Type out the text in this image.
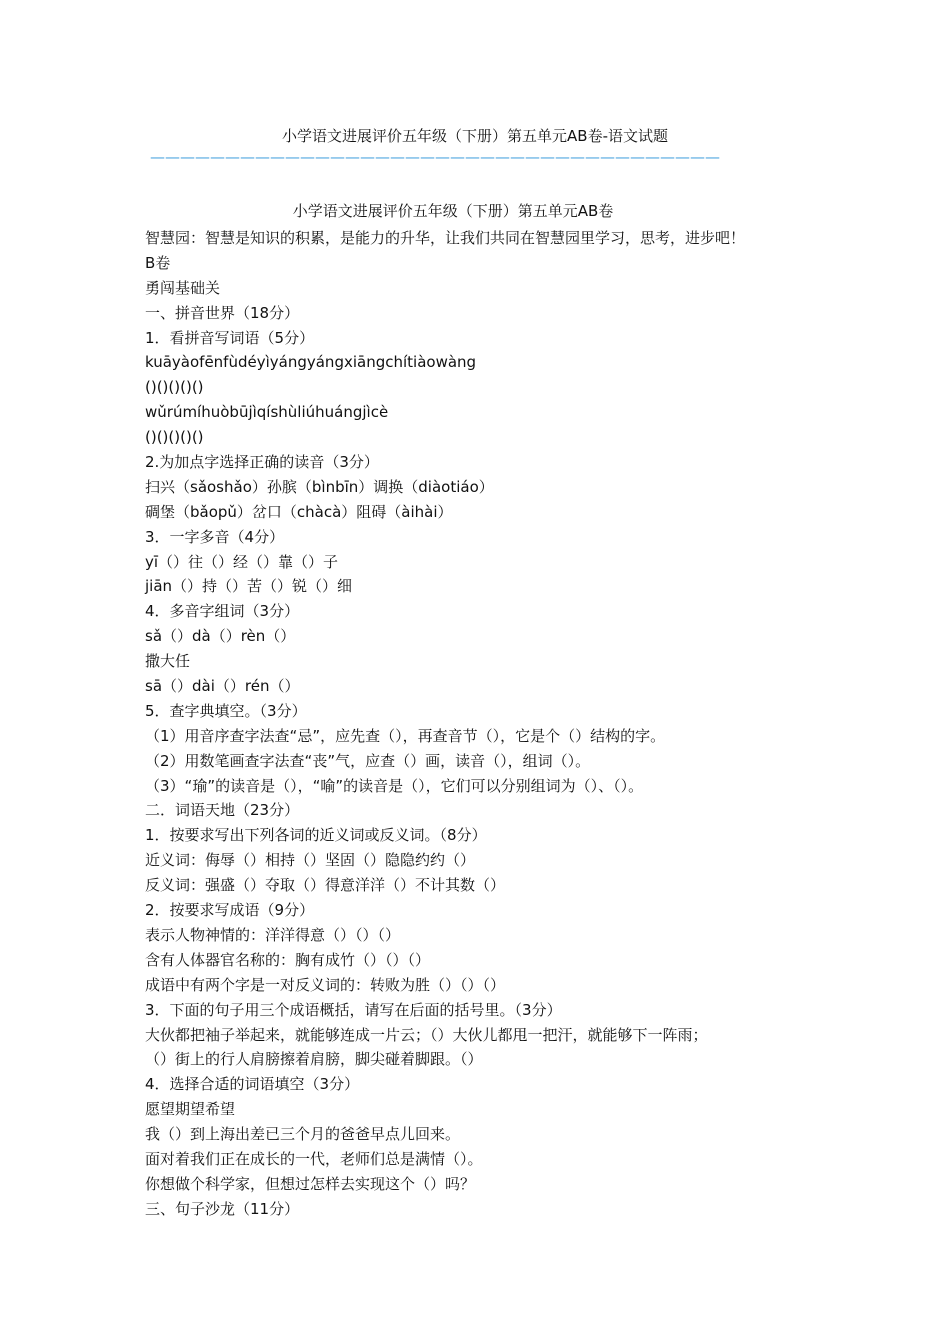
小学语文进展评价五年级（下册）第五单元AB卷-语文试题
——————————————————————————————————————
小学语文进展评价五年级（下册）第五单元AB卷
智慧园：智慧是知识的积累，是能力的升华，让我们共同在智慧园里学习，思考，进步吧！
B卷
勇闯基础关
一、拼音世界（18分）
1．看拼音写词语（5分）
kuāyàofēnfùdéyìyángyángxiāngchítiàowàng
()()()()()
wǔrúmíhuòbūjìqíshùliúhuángjìcè
()()()()()
2.为加点字选择正确的读音（3分）
扫兴（sǎoshǎo）孙膑（bìnbīn）调换（diàotiáo）
碉堡（bǎopǔ）岔口（chàcà）阻碍（àihài）
3．一字多音（4分）
yī（）往（）经（）靠（）子
jiān（）持（）苦（）锐（）细
4．多音字组词（3分）
sǎ（）dà（）rèn（）
撒大任
sā（）dài（）rén（）
5．查字典填空。（3分）
（1）用音序查字法查“忌”，应先查（），再查音节（），它是个（）结构的字。
（2）用数笔画查字法查“丧”气，应查（）画，读音（），组词（）。
（3）“瑜”的读音是（），“喻”的读音是（），它们可以分别组词为（）、（）。
二．词语天地（23分）
1．按要求写出下列各词的近义词或反义词。（8分）
近义词：侮辱（）相持（）坚固（）隐隐约约（）
反义词：强盛（）夺取（）得意洋洋（）不计其数（）
2．按要求写成语（9分）
表示人物神情的：洋洋得意（）（）（）
含有人体器官名称的：胸有成竹（）（）（）
成语中有两个字是一对反义词的：转败为胜（）（）（）
3．下面的句子用三个成语概括，请写在后面的括号里。（3分）
大伙都把袖子举起来，就能够连成一片云；（）大伙儿都甩一把汗，就能够下一阵雨；
（）街上的行人肩膀擦着肩膀，脚尖碰着脚跟。（）
4．选择合适的词语填空（3分）
愿望期望希望
我（）到上海出差已三个月的爸爸早点儿回来。
面对着我们正在成长的一代，老师们总是满情（）。
你想做个科学家，但想过怎样去实现这个（）吗？
三、句子沙龙（11分）
